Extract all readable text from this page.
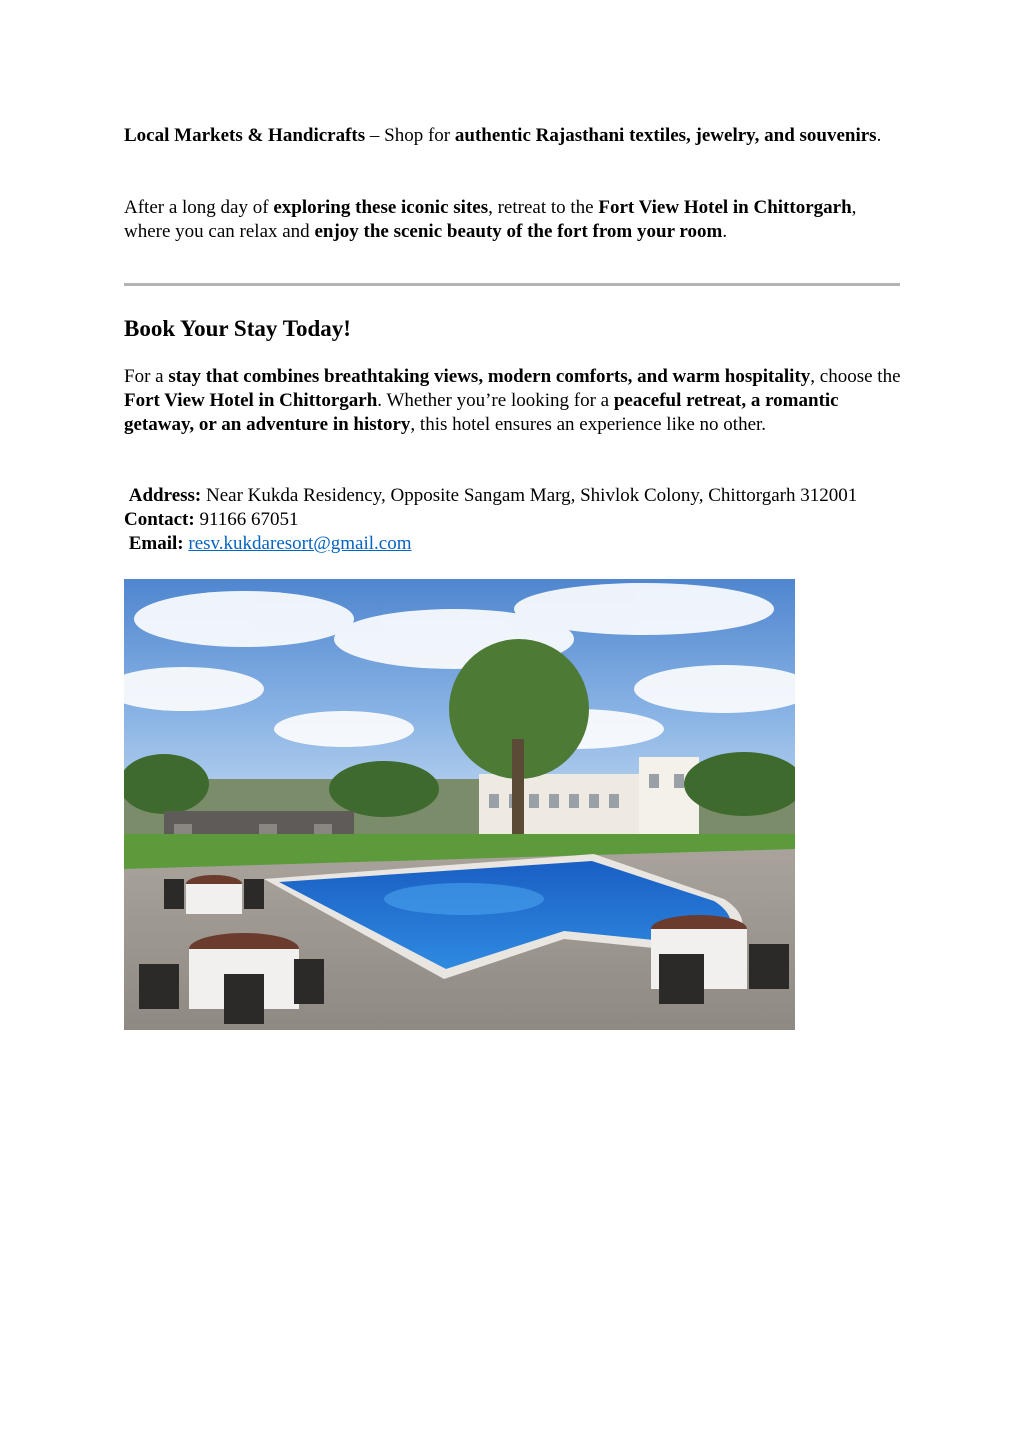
Local Markets & Handicrafts – Shop for authentic Rajasthani textiles, jewelry, and souvenirs.

After a long day of exploring these iconic sites, retreat to the Fort View Hotel in Chittorgarh, where you can relax and enjoy the scenic beauty of the fort from your room.

Book Your Stay Today!

For a stay that combines breathtaking views, modern comforts, and warm hospitality, choose the Fort View Hotel in Chittorgarh. Whether you’re looking for a peaceful retreat, a romantic getaway, or an adventure in history, this hotel ensures an experience like no other.

Address: Near Kukda Residency, Opposite Sangam Marg, Shivlok Colony, Chittorgarh 312001
Contact: 91166 67051
Email: resv.kukdaresort@gmail.com
